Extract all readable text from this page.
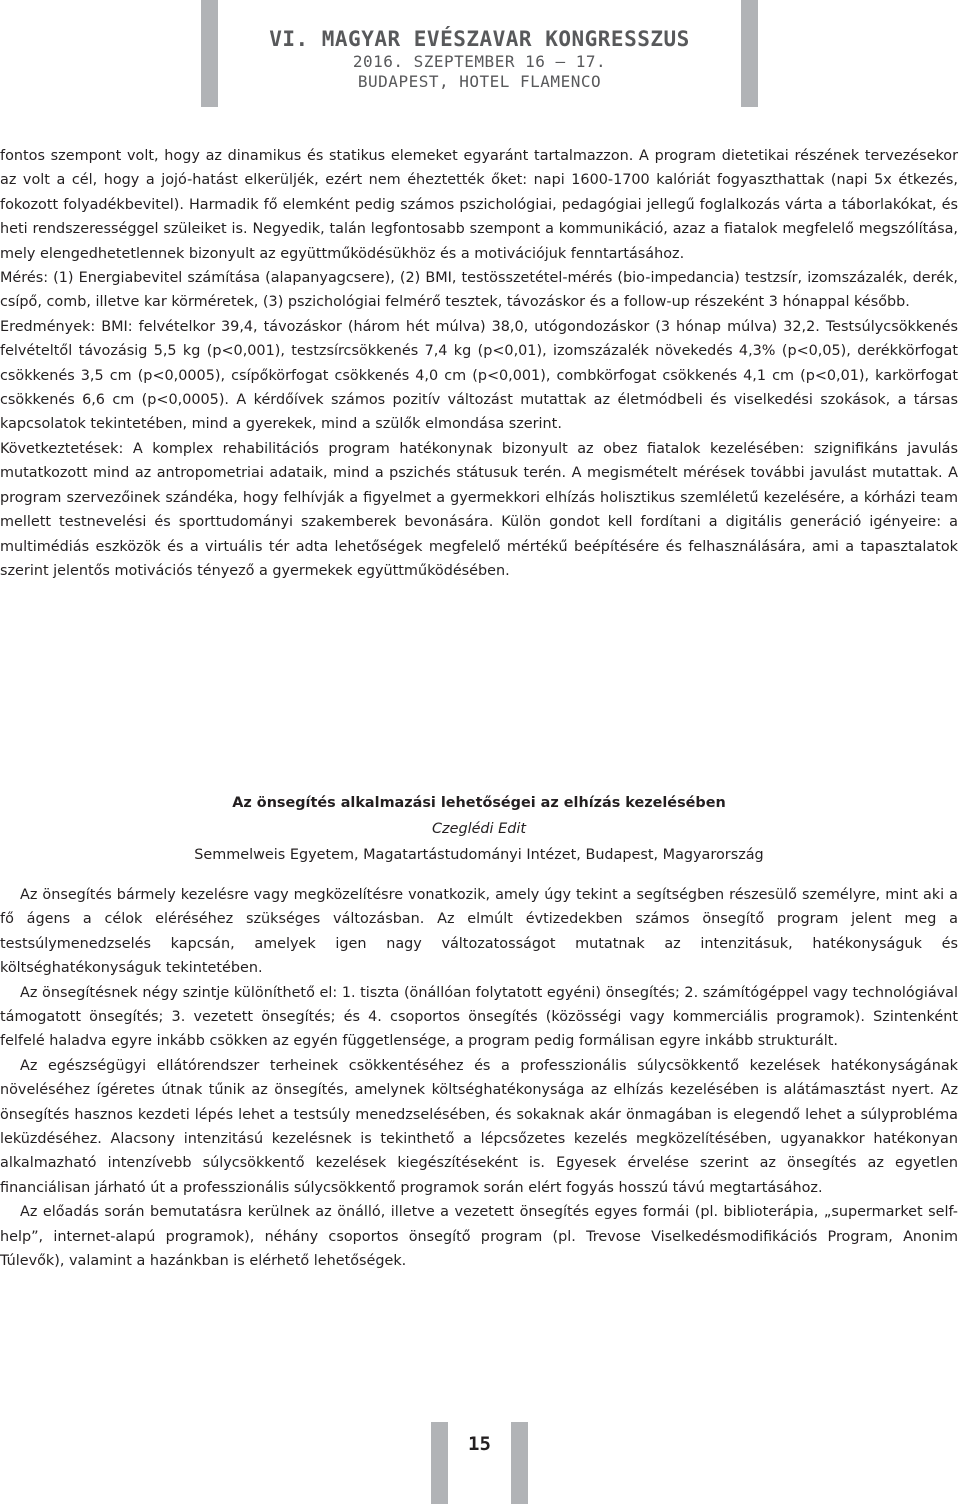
VI. MAGYAR EVÉSZAVAR KONGRESSZUS
2016. SZEPTEMBER 16 – 17.
BUDAPEST, HOTEL FLAMENCO

fontos szempont volt, hogy az dinamikus és statikus elemeket egyaránt tartalmazzon. A program dietetikai részének tervezésekor az volt a cél, hogy a jojó-hatást elkerüljék, ezért nem éheztették őket: napi 1600-1700 kalóriát fogyaszthattak (napi 5x étkezés, fokozott folyadékbevitel). Harmadik fő elemként pedig számos pszichológiai, pedagógiai jellegű foglalkozás várta a táborlakókat, és heti rendszerességgel szüleiket is. Negyedik, talán legfontosabb szempont a kommunikáció, azaz a fiatalok megfelelő megszólítása, mely elengedhetetlennek bizonyult az együttműködésükhöz és a motivációjuk fenntartásához.

Mérés: (1) Energiabevitel számítása (alapanyagcsere), (2) BMI, testösszetétel-mérés (bio-impedancia) testzsír, izomszázalék, derék, csípő, comb, illetve kar körméretek, (3) pszichológiai felmérő tesztek, távozáskor és a follow-up részeként 3 hónappal később.

Eredmények: BMI: felvételkor 39,4, távozáskor (három hét múlva) 38,0, utógondozáskor (3 hónap múlva) 32,2. Testsúlycsökkenés felvételtől távozásig 5,5 kg (p<0,001), testzsírcsökkenés 7,4 kg (p<0,01), izomszázalék növekedés 4,3% (p<0,05), derékkörfogat csökkenés 3,5 cm (p<0,0005), csípőkörfogat csökkenés 4,0 cm (p<0,001), combkörfogat csökkenés 4,1 cm (p<0,01), karkörfogat csökkenés 6,6 cm (p<0,0005). A kérdőívek számos pozitív változást mutattak az életmódbeli és viselkedési szokások, a társas kapcsolatok tekintetében, mind a gyerekek, mind a szülők elmondása szerint.

Következtetések: A komplex rehabilitációs program hatékonynak bizonyult az obez fiatalok kezelésében: szignifikáns javulás mutatkozott mind az antropometriai adataik, mind a pszichés státusuk terén. A megismételt mérések további javulást mutattak. A program szervezőinek szándéka, hogy felhívják a figyelmet a gyermekkori elhízás holisztikus szemléletű kezelésére, a kórházi team mellett testnevelési és sporttudományi szakemberek bevonására. Külön gondot kell fordítani a digitális generáció igényeire: a multimédiás eszközök és a virtuális tér adta lehetőségek megfelelő mértékű beépítésére és felhasználására, ami a tapasztalatok szerint jelentős motivációs tényező a gyermekek együttműködésében.

Az önsegítés alkalmazási lehetőségei az elhízás kezelésében
Czeglédi Edit
Semmelweis Egyetem, Magatartástudományi Intézet, Budapest, Magyarország

Az önsegítés bármely kezelésre vagy megközelítésre vonatkozik, amely úgy tekint a segítségben részesülő személyre, mint aki a fő ágens a célok eléréséhez szükséges változásban. Az elmúlt évtizedekben számos önsegítő program jelent meg a testsúlymenedzselés kapcsán, amelyek igen nagy változatosságot mutatnak az intenzitásuk, hatékonyságuk és költséghatékonyságuk tekintetében.

Az önsegítésnek négy szintje különíthető el: 1. tiszta (önállóan folytatott egyéni) önsegítés; 2. számítógéppel vagy technológiával támogatott önsegítés; 3. vezetett önsegítés; és 4. csoportos önsegítés (közösségi vagy kommerciális programok). Szintenként felfelé haladva egyre inkább csökken az egyén függetlensége, a program pedig formálisan egyre inkább strukturált.

Az egészségügyi ellátórendszer terheinek csökkentéséhez és a professzionális súlycsökkentő kezelések hatékonyságának növeléséhez ígéretes útnak tűnik az önsegítés, amelynek költséghatékonysága az elhízás kezelésében is alátámasztást nyert. Az önsegítés hasznos kezdeti lépés lehet a testsúly menedzselésében, és sokaknak akár önmagában is elegendő lehet a súlyprobléma leküzdéséhez. Alacsony intenzitású kezelésnek is tekinthető a lépcsőzetes kezelés megközelítésében, ugyanakkor hatékonyan alkalmazható intenzívebb súlycsökkentő kezelések kiegészítéseként is. Egyesek érvelése szerint az önsegítés az egyetlen financiálisan járható út a professzionális súlycsökkentő programok során elért fogyás hosszú távú megtartásához.

Az előadás során bemutatásra kerülnek az önálló, illetve a vezetett önsegítés egyes formái (pl. biblioterápia, „supermarket self-help”, internet-alapú programok), néhány csoportos önsegítő program (pl. Trevose Viselkedésmodifikációs Program, Anonim Túlevők), valamint a hazánkban is elérhető lehetőségek.

15
